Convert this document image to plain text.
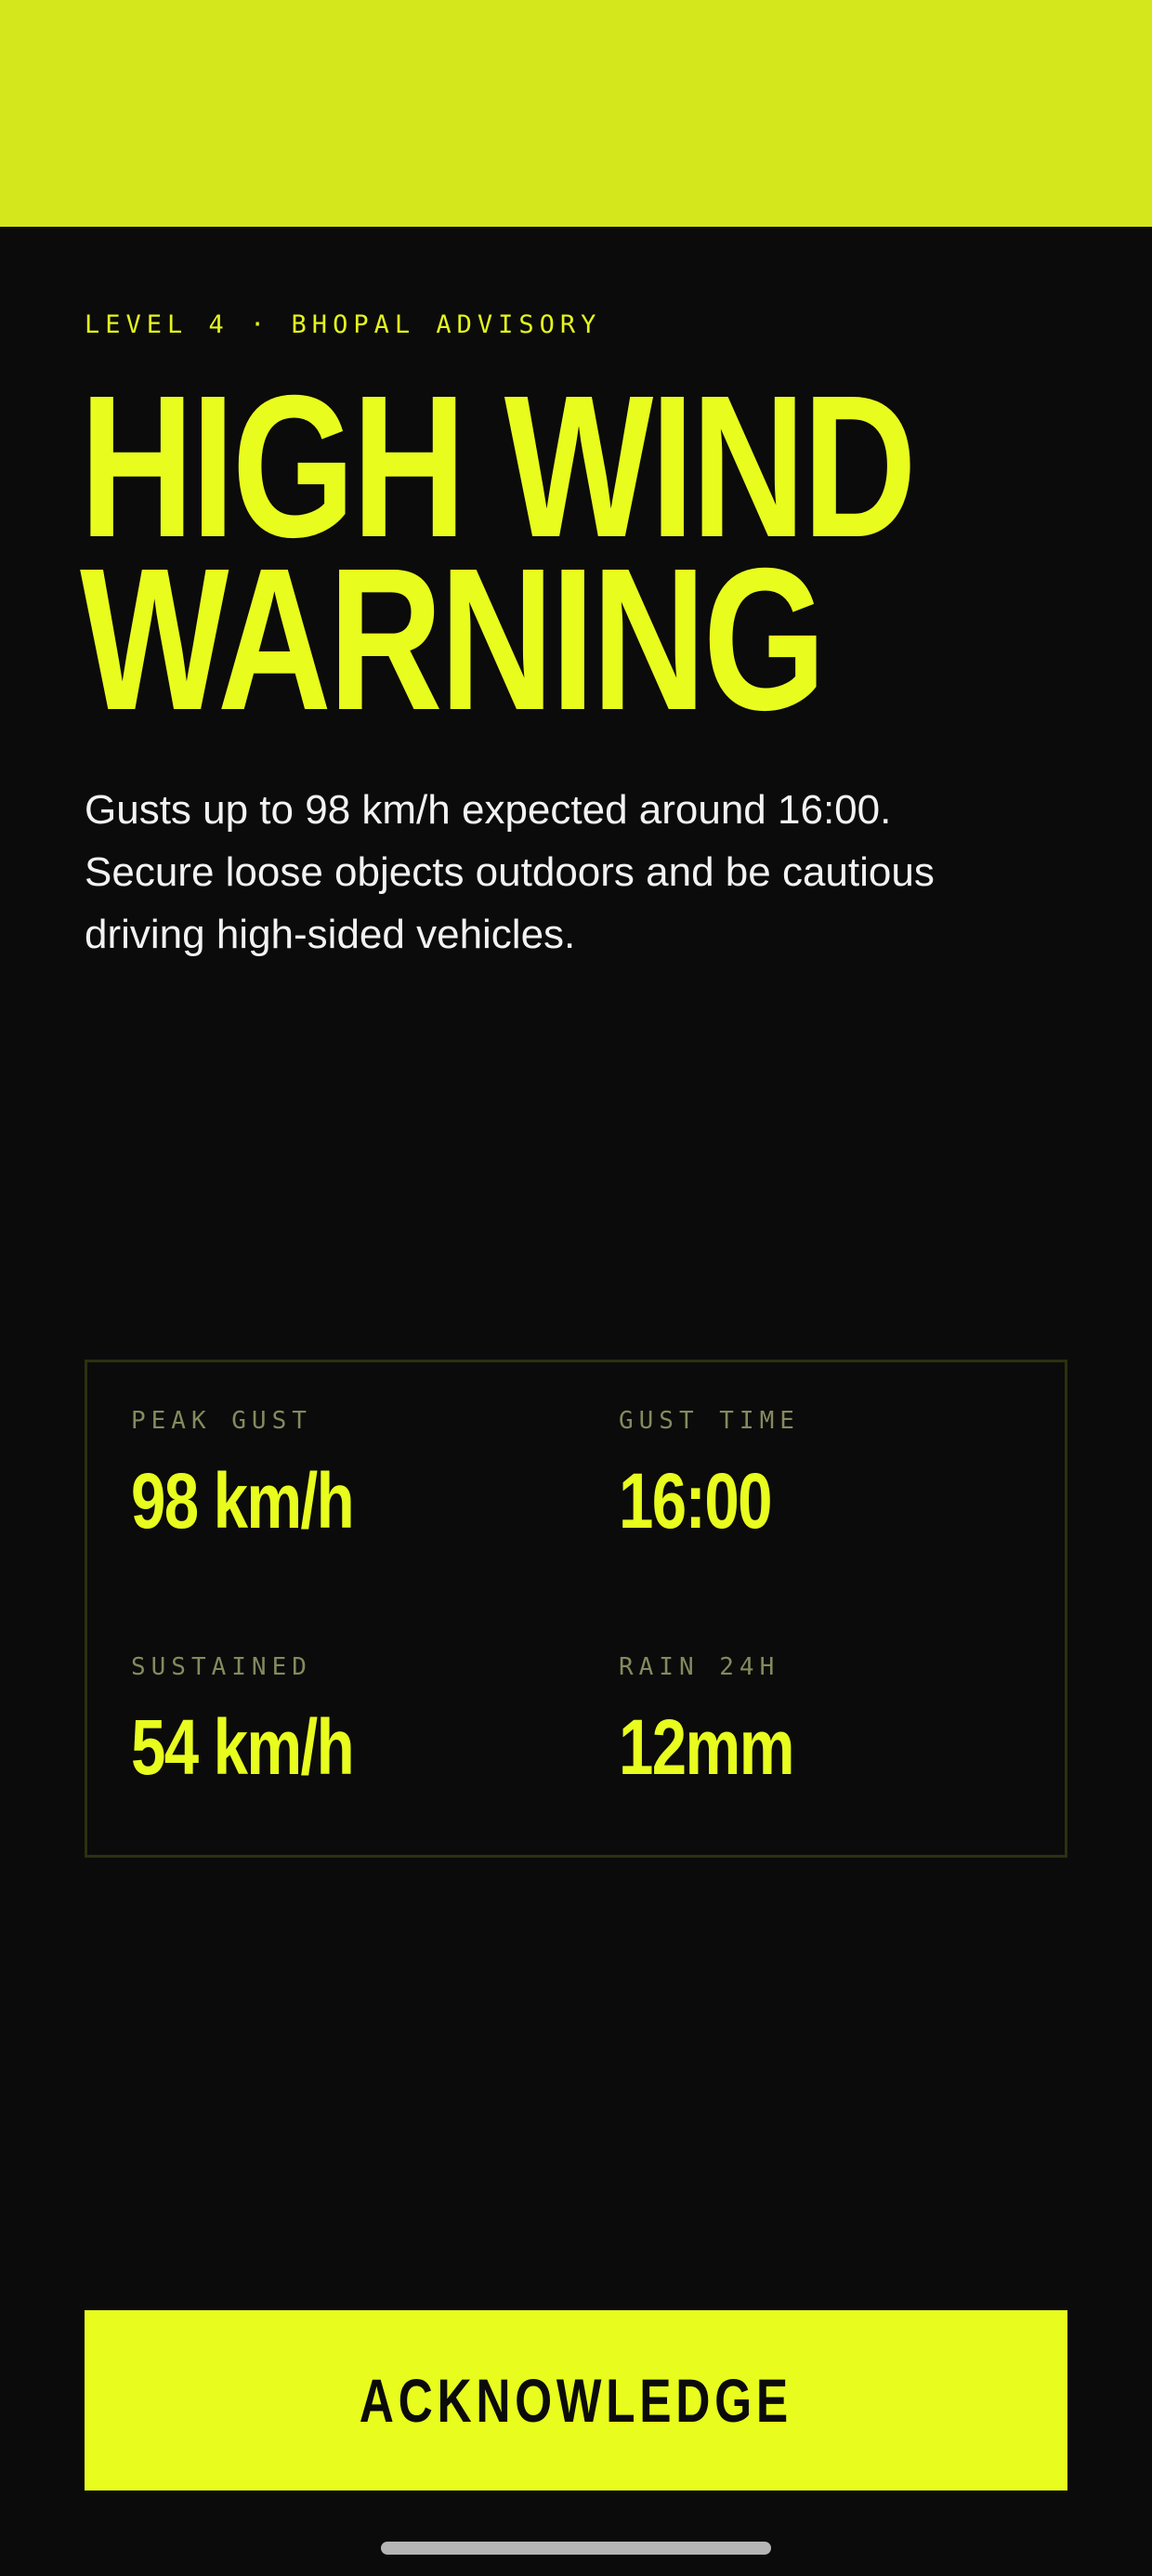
LEVEL 4 · BHOPAL ADVISORY
HIGH WIND
WARNING

Gusts up to 98 km/h expected around 16:00. Secure loose objects outdoors and be cautious driving high-sided vehicles.

PEAK GUST
98 km/h
GUST TIME
16:00
SUSTAINED
54 km/h
RAIN 24H
12mm
ACKNOWLEDGE
